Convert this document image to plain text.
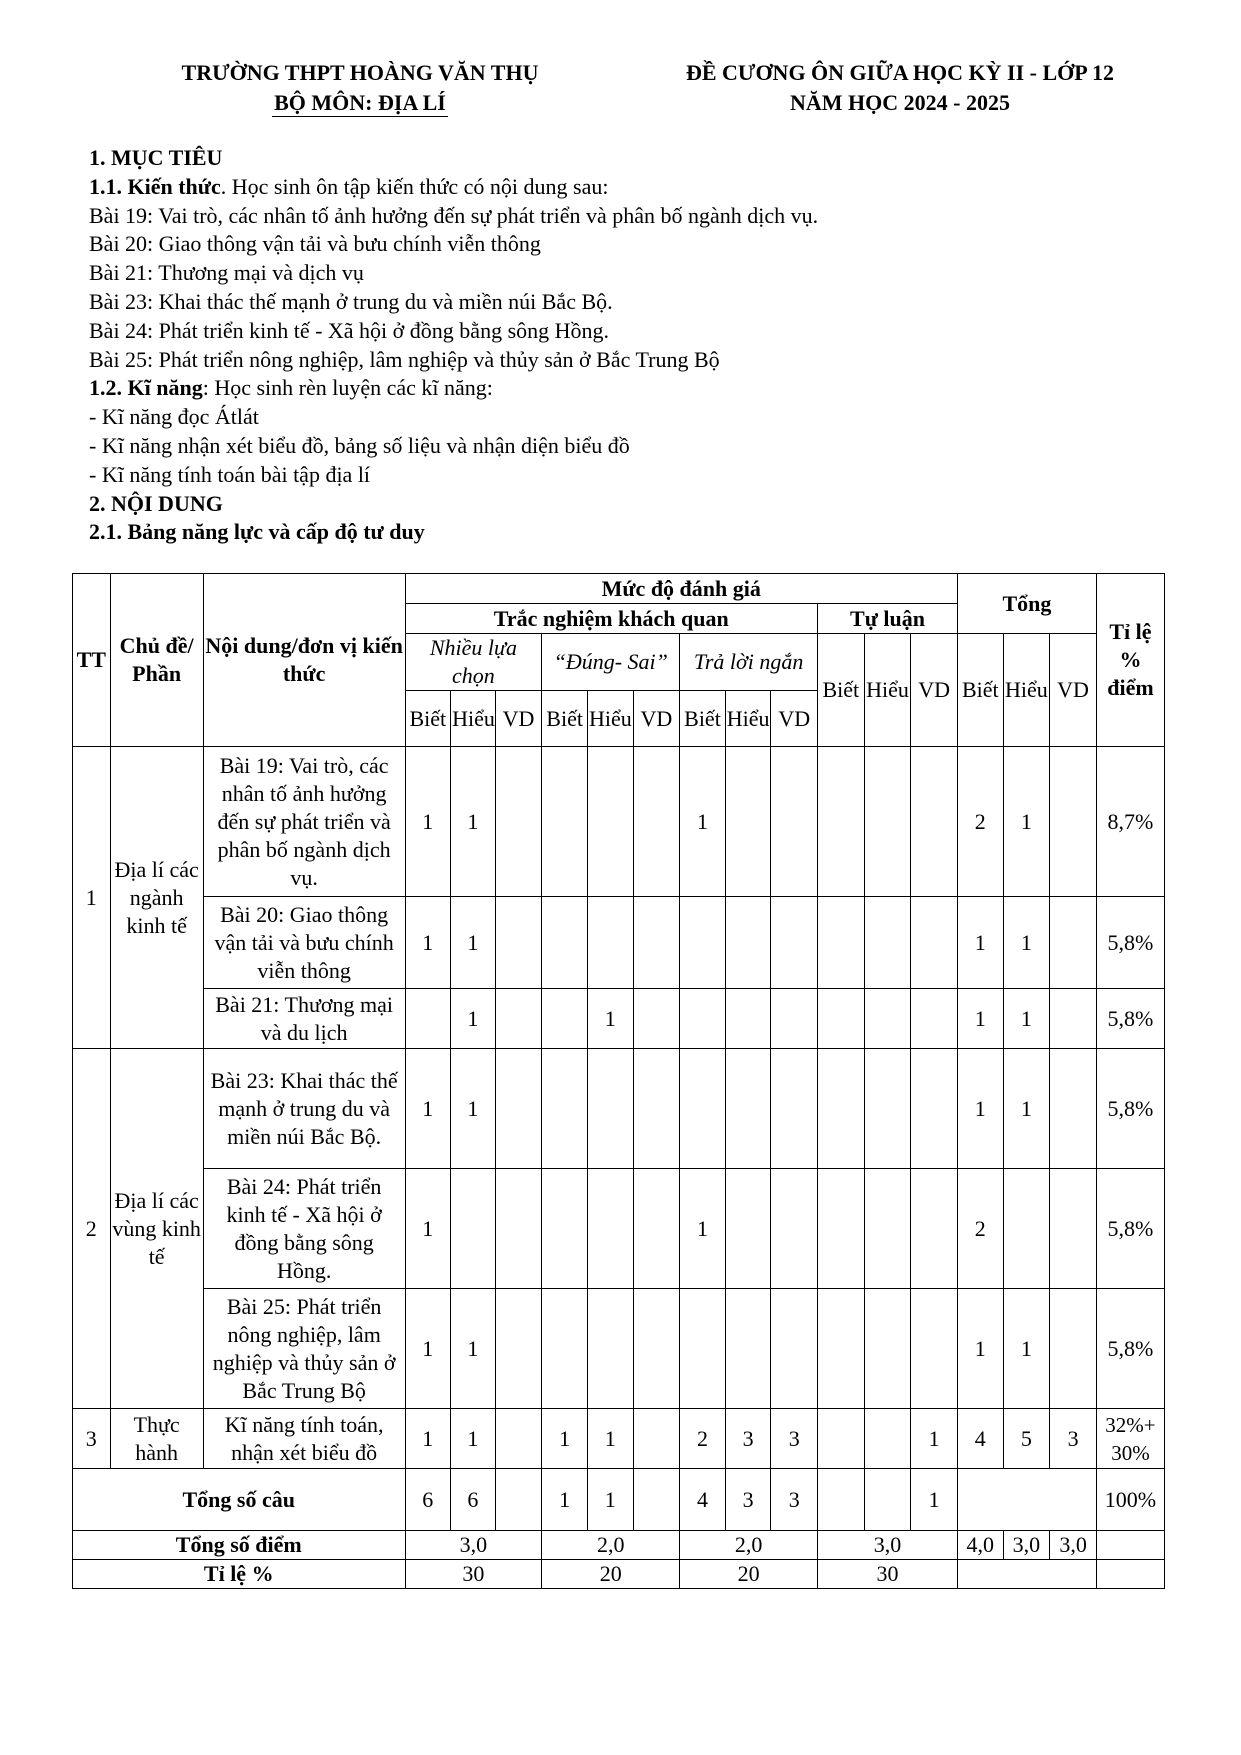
TRƯỜNG THPT HOÀNG VĂN THỤ
BỘ MÔN: ĐỊA LÍ
ĐỀ CƯƠNG ÔN GIỮA HỌC KỲ II - LỚP 12
NĂM HỌC 2024 - 2025

1. MỤC TIÊU

1.1. Kiến thức. Học sinh ôn tập kiến thức có nội dung sau:

Bài 19: Vai trò, các nhân tố ảnh hưởng đến sự phát triển và phân bố ngành dịch vụ.

Bài 20: Giao thông vận tải và bưu chính viễn thông

Bài 21: Thương mại và dịch vụ

Bài 23: Khai thác thế mạnh ở trung du và miền núi Bắc Bộ.

Bài 24: Phát triển kinh tế - Xã hội ở đồng bằng sông Hồng.

Bài 25: Phát triển nông nghiệp, lâm nghiệp và thủy sản ở Bắc Trung Bộ

1.2. Kĩ năng: Học sinh rèn luyện các kĩ năng:

- Kĩ năng đọc Átlát

- Kĩ năng nhận xét biểu đồ, bảng số liệu và nhận diện biểu đồ

- Kĩ năng tính toán bài tập địa lí

2. NỘI DUNG

2.1. Bảng năng lực và cấp độ tư duy

TT	Chủ đề/ Phần	Nội dung/đơn vị kiến thức	Mức độ đánh giá												Tổng			Tỉ lệ % điểm
			Trắc nghiệm khách quan									Tự luận						
			Nhiều lựa chọn			“Đúng- Sai”			Trả lời ngắn			Biết	Hiểu	VD	Biết	Hiểu	VD	
			Biết	Hiểu	VD	Biết	Hiểu	VD	Biết	Hiểu	VD							
1	Địa lí các ngành kinh tế	Bài 19: Vai trò, các nhân tố ảnh hưởng đến sự phát triển và phân bố ngành dịch vụ.	1	1					1						2	1		8,7%
		Bài 20: Giao thông vận tải và bưu chính viễn thông	1	1											1	1		5,8%
		Bài 21: Thương mại và du lịch		1			1								1	1		5,8%
2	Địa lí các vùng kinh tế	Bài 23: Khai thác thế mạnh ở trung du và miền núi Bắc Bộ.	1	1											1	1		5,8%
		Bài 24: Phát triển kinh tế - Xã hội ở đồng bằng sông Hồng.	1						1						2			5,8%
		Bài 25: Phát triển nông nghiệp, lâm nghiệp và thủy sản ở Bắc Trung Bộ	1	1											1	1		5,8%
3	Thực hành	Kĩ năng tính toán, nhận xét biểu đồ	1	1		1	1		2	3	3			1	4	5	3	32%+ 30%
Tổng số câu			6	6		1	1		4	3	3			1				100%
Tổng số điểm			3,0			2,0			2,0			3,0			4,0	3,0	3,0	
Tỉ lệ %			30			20			20			30						
